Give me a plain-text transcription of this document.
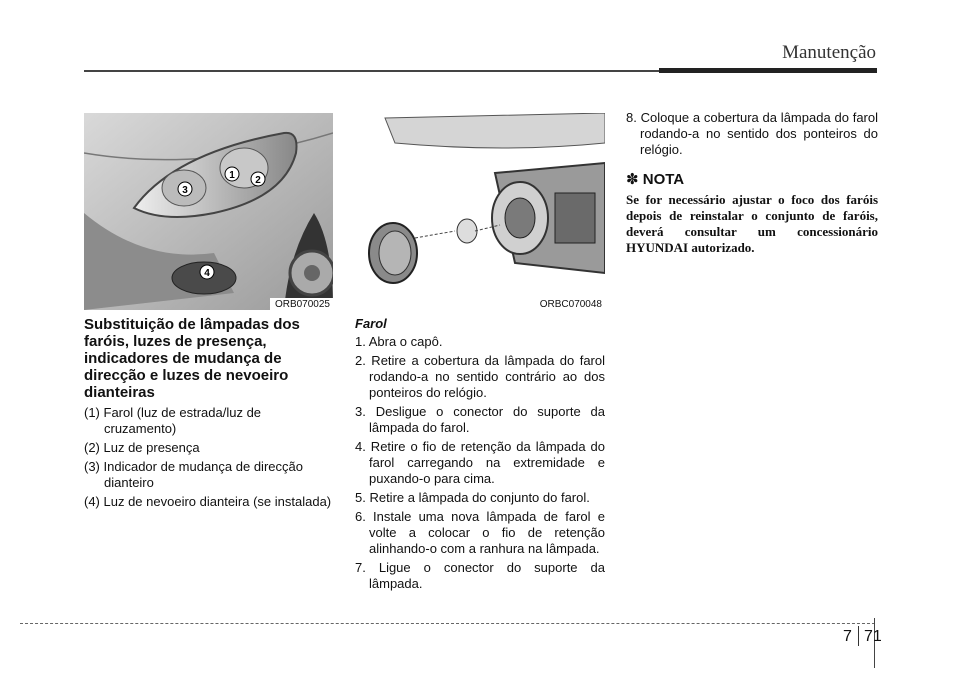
Manutenção
1 2
3
4
ORB070025	ORBC070048
Substituição de lâmpadas dos faróis, luzes de presença, indicadores de mudança de direcção e luzes de nevoeiro dianteiras
(1) Farol (luz de estrada/luz de cruzamento)
(2) Luz de presença
(3) Indicador de mudança de direcção dianteiro
(4) Luz de nevoeiro dianteira (se instalada)
Farol
1. Abra o capô.
2. Retire a cobertura da lâmpada do farol rodando-a no sentido contrário ao dos ponteiros do relógio.
3. Desligue o conector do suporte da lâmpada do farol.
4. Retire o fio de retenção da lâmpada do farol carregando na extremidade e puxando-o para cima.
5. Retire a lâmpada do conjunto do farol.
6. Instale uma nova lâmpada de farol e volte a colocar o fio de retenção alinhando-o com a ranhura na lâmpada.
7. Ligue o conector do suporte da lâmpada.
8. Coloque a cobertura da lâmpada do farol rodando-a no sentido dos ponteiros do relógio.
✽ NOTA

Se for necessário ajustar o foco dos faróis depois de reinstalar o conjunto de faróis, deverá consultar um concessionário HYUNDAI autorizado.

7 71
